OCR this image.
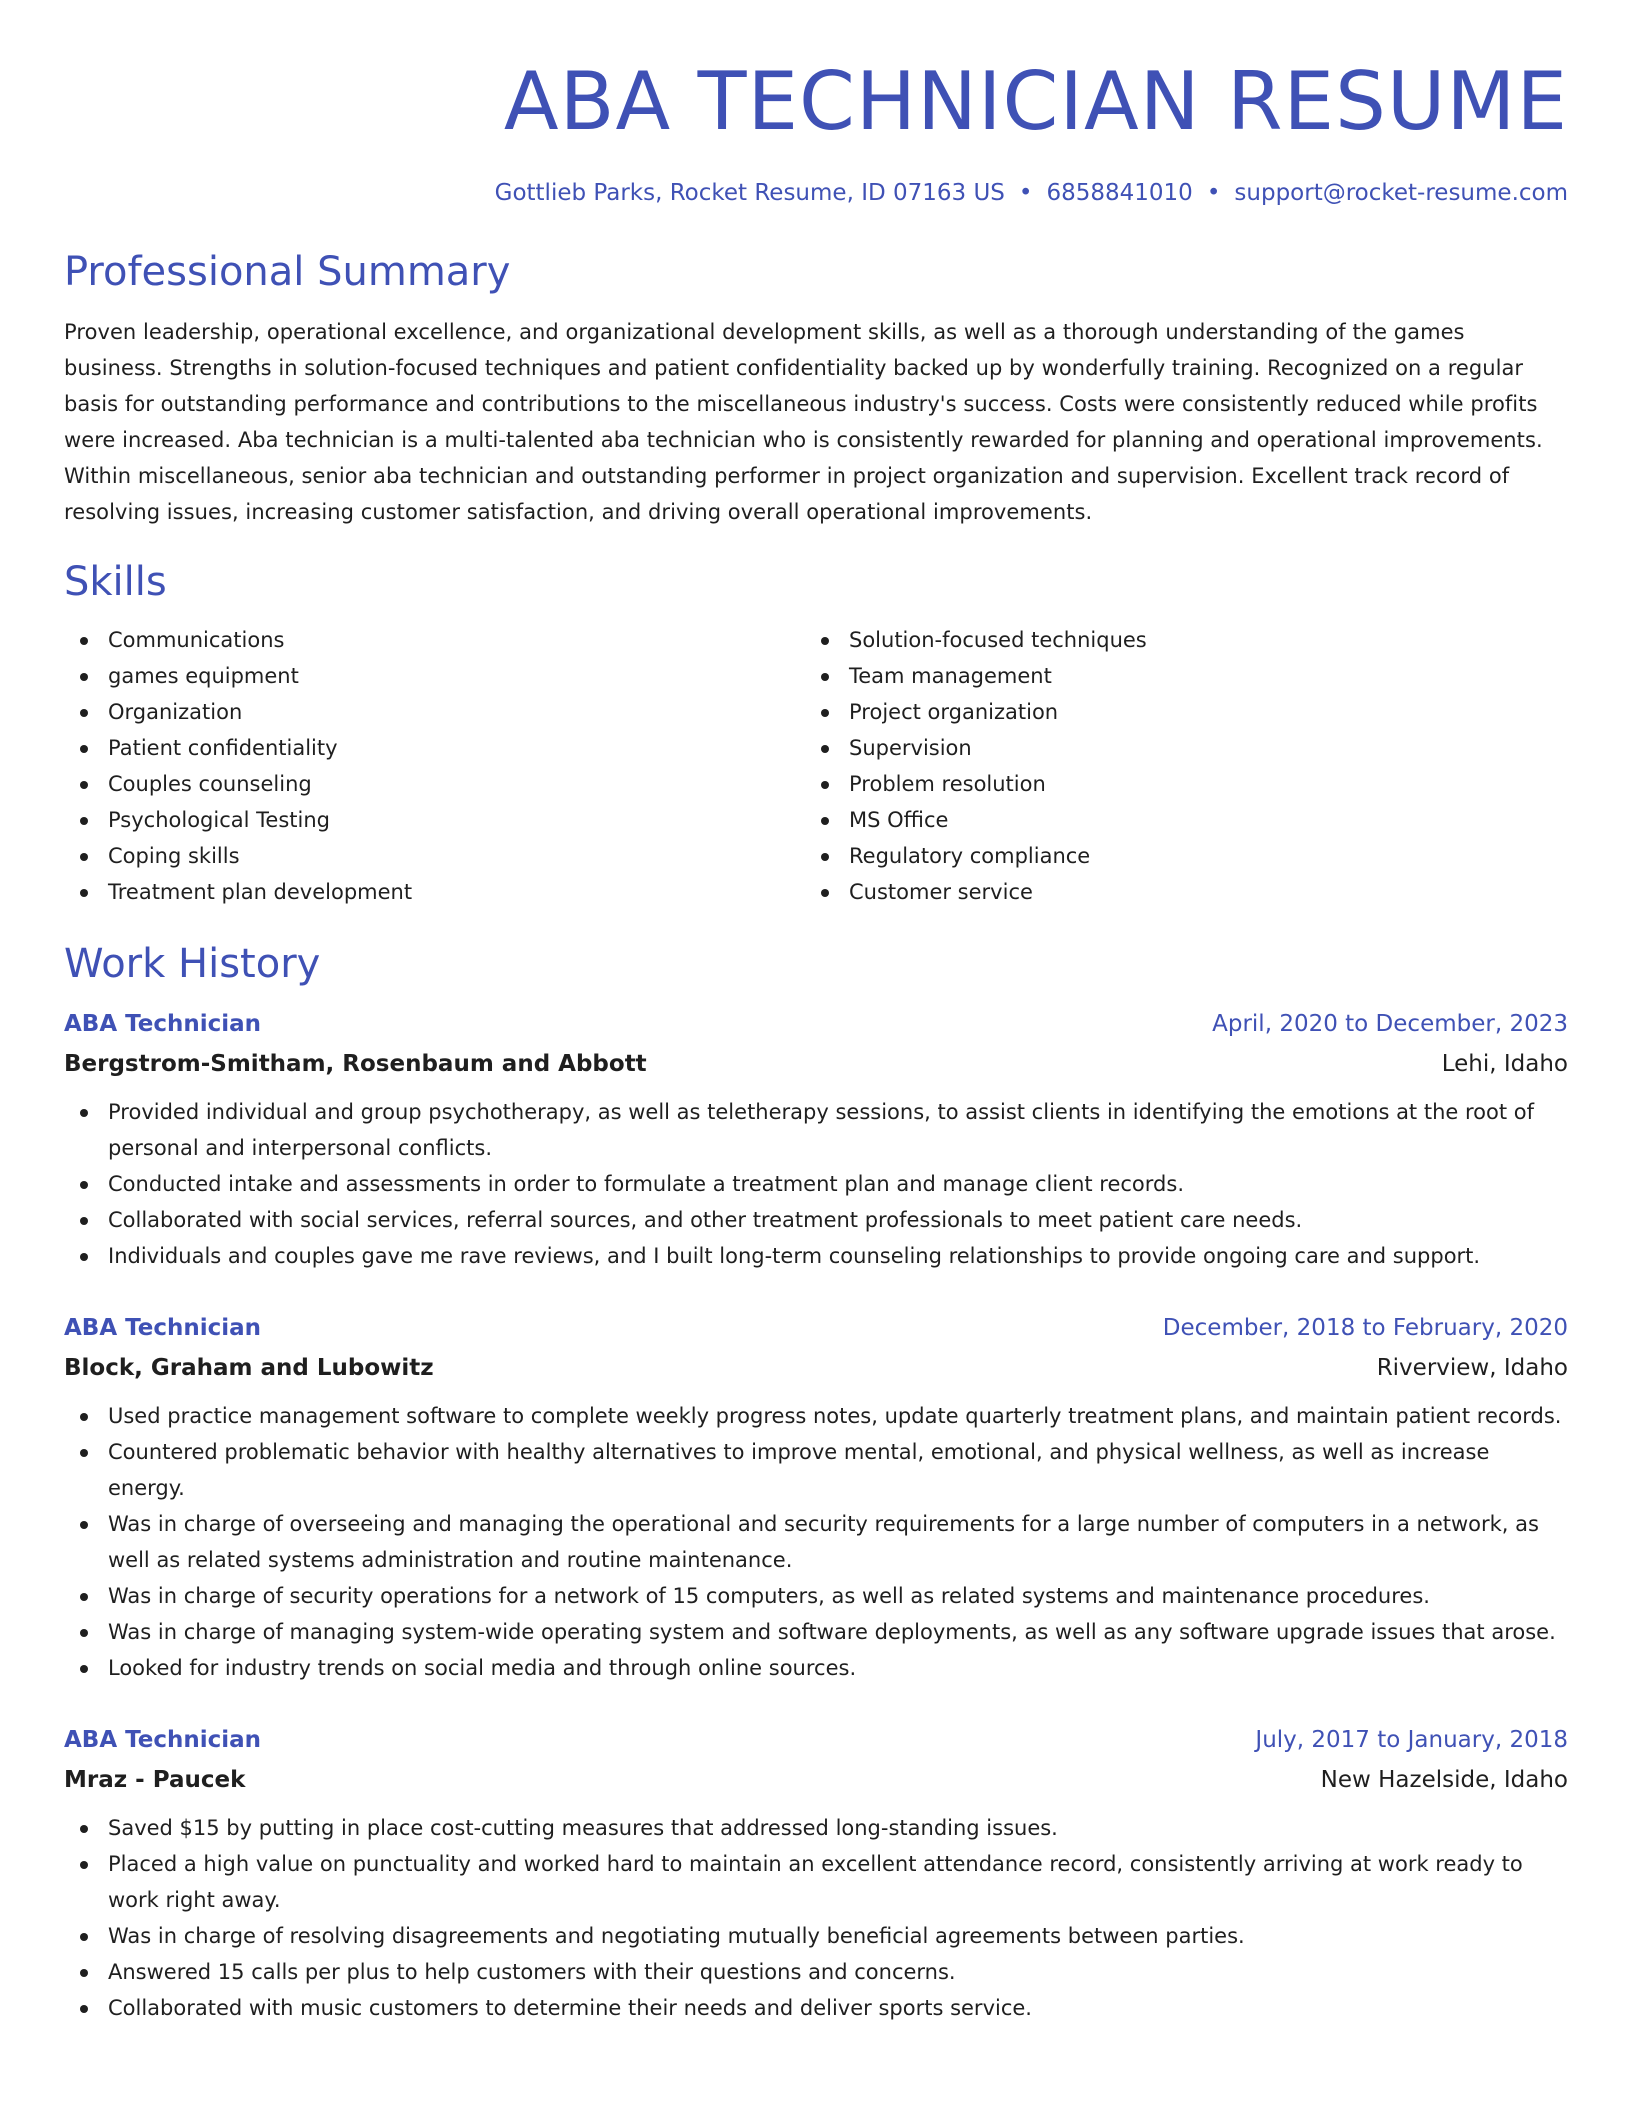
ABA TECHNICIAN RESUME
Gottlieb Parks, Rocket Resume, ID 07163 US • 6858841010 • support@rocket-resume.com
Professional Summary
Proven leadership, operational excellence, and organizational development skills, as well as a thorough understanding of the games business. Strengths in solution-focused techniques and patient confidentiality backed up by wonderfully training. Recognized on a regular basis for outstanding performance and contributions to the miscellaneous industry's success. Costs were consistently reduced while profits were increased. Aba technician is a multi-talented aba technician who is consistently rewarded for planning and operational improvements. Within miscellaneous, senior aba technician and outstanding performer in project organization and supervision. Excellent track record of resolving issues, increasing customer satisfaction, and driving overall operational improvements.
Skills
Communications
games equipment
Organization
Patient confidentiality
Couples counseling
Psychological Testing
Coping skills
Treatment plan development
Solution-focused techniques
Team management
Project organization
Supervision
Problem resolution
MS Office
Regulatory compliance
Customer service
Work History
ABA Technician	April, 2020 to December, 2023
Bergstrom-Smitham, Rosenbaum and Abbott	Lehi, Idaho
Provided individual and group psychotherapy, as well as teletherapy sessions, to assist clients in identifying the emotions at the root of personal and interpersonal conflicts.
Conducted intake and assessments in order to formulate a treatment plan and manage client records.
Collaborated with social services, referral sources, and other treatment professionals to meet patient care needs.
Individuals and couples gave me rave reviews, and I built long-term counseling relationships to provide ongoing care and support.
ABA Technician	December, 2018 to February, 2020
Block, Graham and Lubowitz	Riverview, Idaho
Used practice management software to complete weekly progress notes, update quarterly treatment plans, and maintain patient records.
Countered problematic behavior with healthy alternatives to improve mental, emotional, and physical wellness, as well as increase energy.
Was in charge of overseeing and managing the operational and security requirements for a large number of computers in a network, as well as related systems administration and routine maintenance.
Was in charge of security operations for a network of 15 computers, as well as related systems and maintenance procedures.
Was in charge of managing system-wide operating system and software deployments, as well as any software upgrade issues that arose.
Looked for industry trends on social media and through online sources.
ABA Technician	July, 2017 to January, 2018
Mraz - Paucek	New Hazelside, Idaho
Saved $15 by putting in place cost-cutting measures that addressed long-standing issues.
Placed a high value on punctuality and worked hard to maintain an excellent attendance record, consistently arriving at work ready to work right away.
Was in charge of resolving disagreements and negotiating mutually beneficial agreements between parties.
Answered 15 calls per plus to help customers with their questions and concerns.
Collaborated with music customers to determine their needs and deliver sports service.
